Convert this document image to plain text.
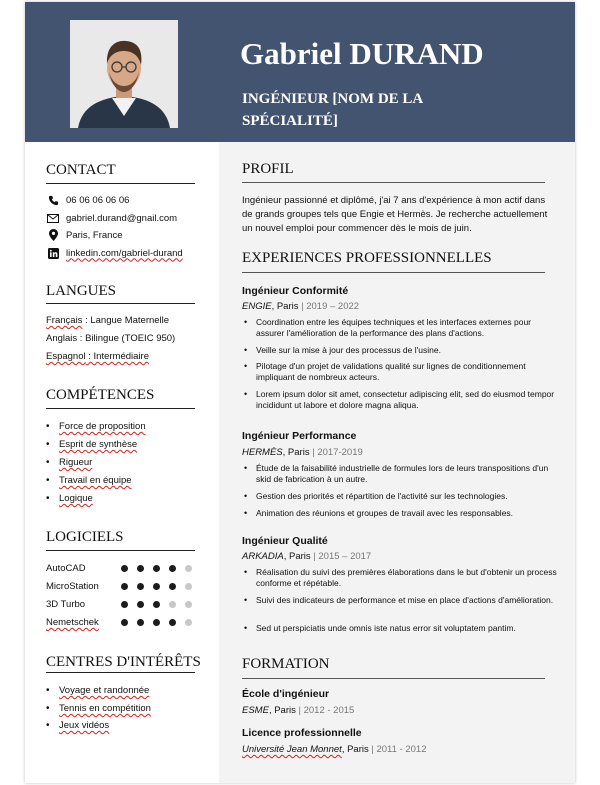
Gabriel DURAND
INGÉNIEUR [NOM DE LA SPÉCIALITÉ]
CONTACT
06 06 06 06 06
gabriel.durand@gnail.com
Paris, France
linkedin.com/gabriel-durand
LANGUES
Français : Langue Maternelle
Anglais : Bilingue (TOEIC 950)
Espagnol : Intermédiaire
COMPÉTENCES
• Force de proposition
• Esprit de synthèse
• Rigueur
• Travail en équipe
• Logique
LOGICIELS
AutoCAD
MicroStation
3D Turbo
Nemetschek
CENTRES D'INTÉRÊTS
• Voyage et randonnée
• Tennis en compétition
• Jeux vidéos
PROFIL
Ingénieur passionné et diplômé, j'ai 7 ans d'expérience à mon actif dans de grands groupes tels que Engie et Hermès. Je recherche actuellement un nouvel emploi pour commencer dès le mois de juin.
EXPERIENCES PROFESSIONNELLES
Ingénieur Conformité
ENGIE, Paris | 2019 – 2022
• Coordination entre les équipes techniques et les interfaces externes pour assurer l'amélioration de la performance des plans d'actions.
• Veille sur la mise à jour des processus de l'usine.
• Pilotage d'un projet de validations qualité sur lignes de conditionnement impliquant de nombreux acteurs.
• Lorem ipsum dolor sit amet, consectetur adipiscing elit, sed do eiusmod tempor incididunt ut labore et dolore magna aliqua.
Ingénieur Performance
HERMÈS, Paris | 2017-2019
• Étude de la faisabilité industrielle de formules lors de leurs transpositions d'un skid de fabrication à un autre.
• Gestion des priorités et répartition de l'activité sur les technologies.
• Animation des réunions et groupes de travail avec les responsables.
Ingénieur Qualité
ARKADIA, Paris | 2015 – 2017
• Réalisation du suivi des premières élaborations dans le but d'obtenir un process conforme et répétable.
• Suivi des indicateurs de performance et mise en place d'actions d'amélioration.
• Sed ut perspiciatis unde omnis iste natus error sit voluptatem pantim.
FORMATION
École d'ingénieur
ESME, Paris | 2012 - 2015
Licence professionnelle
Université Jean Monnet, Paris | 2011 - 2012
